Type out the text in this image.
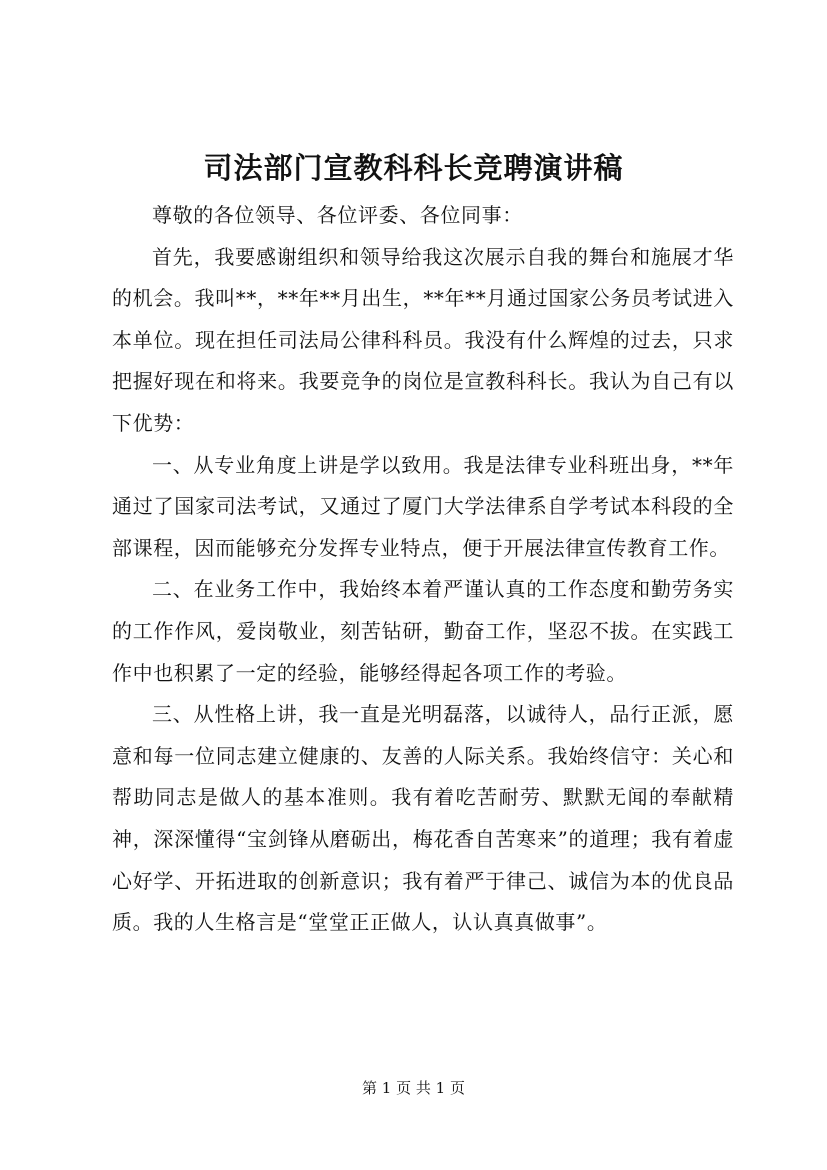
司法部门宣教科科长竞聘演讲稿

尊敬的各位领导、各位评委、各位同事：

首先，我要感谢组织和领导给我这次展示自我的舞台和施展才华的机会。我叫**，**年**月出生，**年**月通过国家公务员考试进入本单位。现在担任司法局公律科科员。我没有什么辉煌的过去，只求把握好现在和将来。我要竞争的岗位是宣教科科长。我认为自己有以下优势：

一、从专业角度上讲是学以致用。我是法律专业科班出身，**年通过了国家司法考试，又通过了厦门大学法律系自学考试本科段的全部课程，因而能够充分发挥专业特点，便于开展法律宣传教育工作。

二、在业务工作中，我始终本着严谨认真的工作态度和勤劳务实的工作作风，爱岗敬业，刻苦钻研，勤奋工作，坚忍不拔。在实践工作中也积累了一定的经验，能够经得起各项工作的考验。

三、从性格上讲，我一直是光明磊落，以诚待人，品行正派，愿意和每一位同志建立健康的、友善的人际关系。我始终信守：关心和帮助同志是做人的基本准则。我有着吃苦耐劳、默默无闻的奉献精神，深深懂得“宝剑锋从磨砺出，梅花香自苦寒来”的道理；我有着虚心好学、开拓进取的创新意识；我有着严于律己、诚信为本的优良品质。我的人生格言是“堂堂正正做人，认认真真做事”。

第 1 页 共 1 页
